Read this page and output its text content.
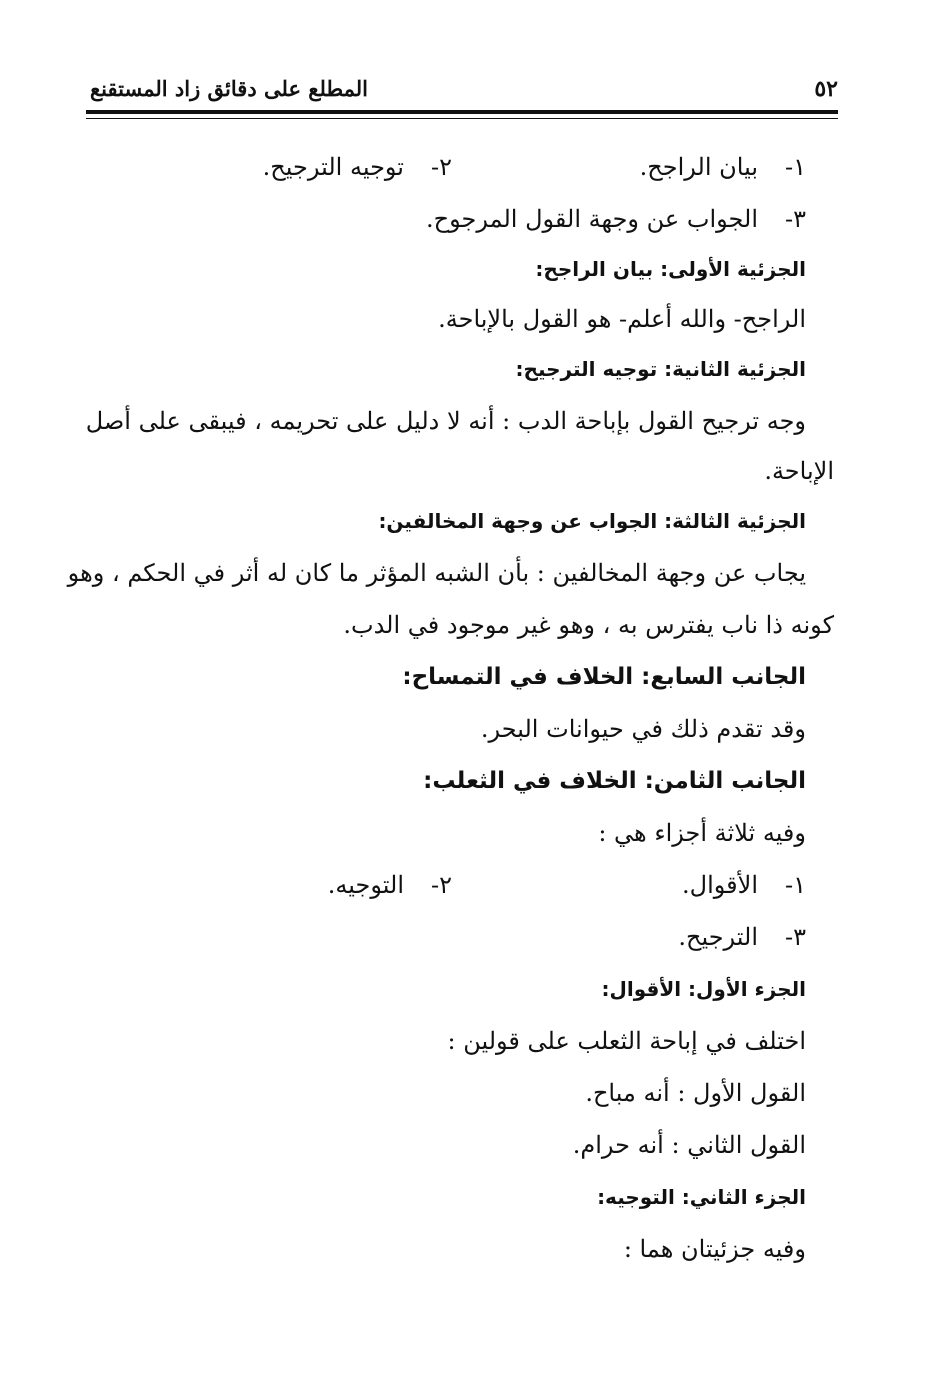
٥٢
المطلع على دقائق زاد المستقنع
١-بيان الراجح.
٢-توجيه الترجيح.
٣-الجواب عن وجهة القول المرجوح.
الجزئية الأولى: بيان الراجح:
الراجح- والله أعلم- هو القول بالإباحة.
الجزئية الثانية: توجيه الترجيح:
وجه ترجيح القول بإباحة الدب : أنه لا دليل على تحريمه ، فيبقى على أصل
الإباحة.
الجزئية الثالثة: الجواب عن وجهة المخالفين:
يجاب عن وجهة المخالفين : بأن الشبه المؤثر ما كان له أثر في الحكم ، وهو
كونه ذا ناب يفترس به ، وهو غير موجود في الدب.
الجانب السابع: الخلاف في التمساح:
وقد تقدم ذلك في حيوانات البحر.
الجانب الثامن: الخلاف في الثعلب:
وفيه ثلاثة أجزاء هي :
١-الأقوال.
٢-التوجيه.
٣-الترجيح.
الجزء الأول: الأقوال:
اختلف في إباحة الثعلب على قولين :
القول الأول : أنه مباح.
القول الثاني : أنه حرام.
الجزء الثاني: التوجيه:
وفيه جزئيتان هما :
